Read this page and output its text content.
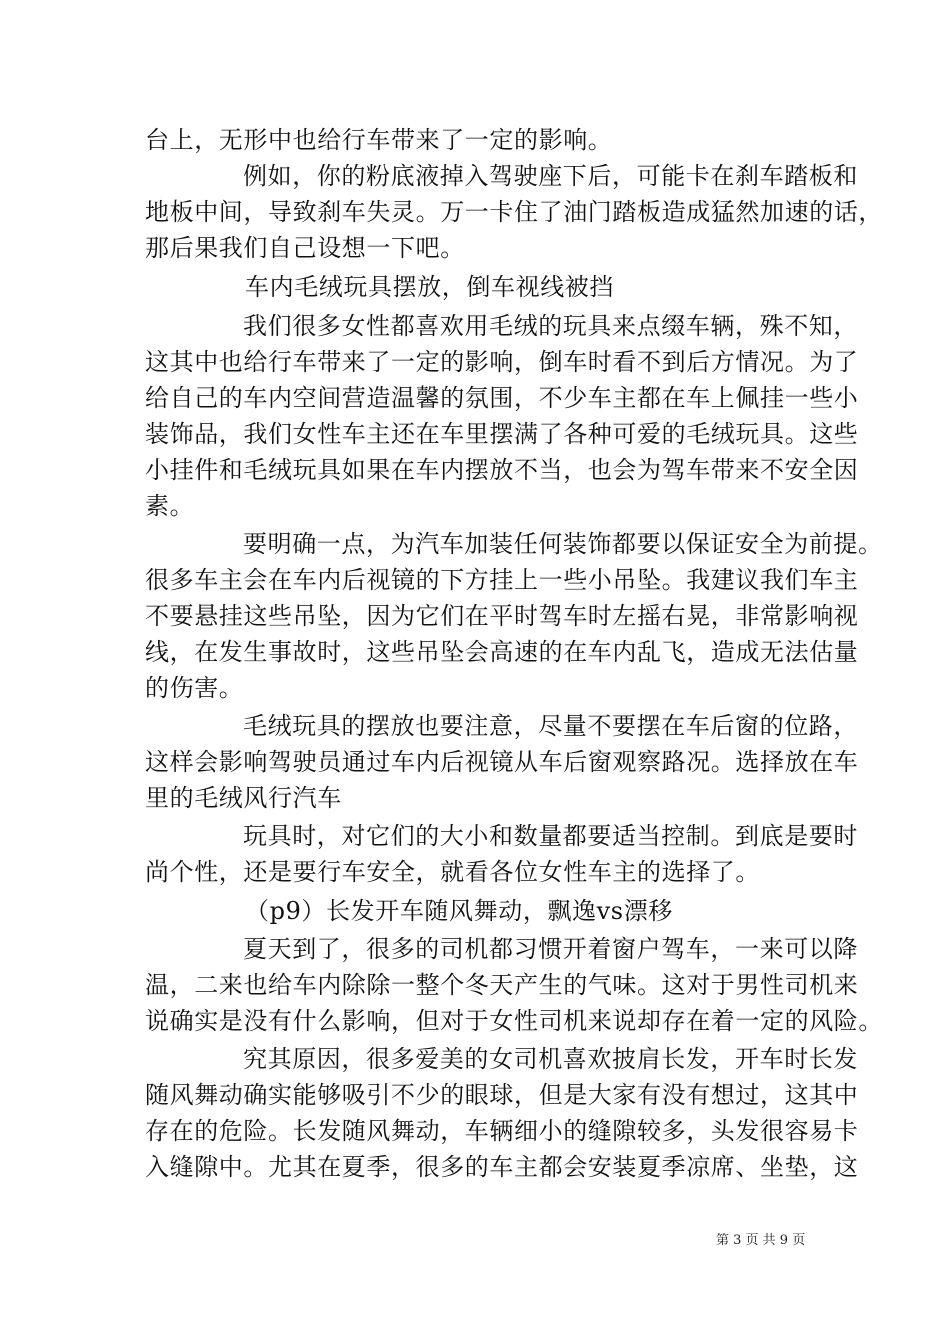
台上，无形中也给行车带来了一定的影响。
例如，你的粉底液掉入驾驶座下后，可能卡在刹车踏板和
地板中间，导致刹车失灵。万一卡住了油门踏板造成猛然加速的话，
那后果我们自己设想一下吧。
车内毛绒玩具摆放，倒车视线被挡
我们很多女性都喜欢用毛绒的玩具来点缀车辆，殊不知，
这其中也给行车带来了一定的影响，倒车时看不到后方情况。为了
给自己的车内空间营造温馨的氛围，不少车主都在车上佩挂一些小
装饰品，我们女性车主还在车里摆满了各种可爱的毛绒玩具。这些
小挂件和毛绒玩具如果在车内摆放不当，也会为驾车带来不安全因
素。
要明确一点，为汽车加装任何装饰都要以保证安全为前提。
很多车主会在车内后视镜的下方挂上一些小吊坠。我建议我们车主
不要悬挂这些吊坠，因为它们在平时驾车时左摇右晃，非常影响视
线，在发生事故时，这些吊坠会高速的在车内乱飞，造成无法估量
的伤害。
毛绒玩具的摆放也要注意，尽量不要摆在车后窗的位路，
这样会影响驾驶员通过车内后视镜从车后窗观察路况。选择放在车
里的毛绒风行汽车
玩具时，对它们的大小和数量都要适当控制。到底是要时
尚个性，还是要行车安全，就看各位女性车主的选择了。
（p9）长发开车随风舞动，飘逸vs漂移
夏天到了，很多的司机都习惯开着窗户驾车，一来可以降
温，二来也给车内除除一整个冬天产生的气味。这对于男性司机来
说确实是没有什么影响，但对于女性司机来说却存在着一定的风险。
究其原因，很多爱美的女司机喜欢披肩长发，开车时长发
随风舞动确实能够吸引不少的眼球，但是大家有没有想过，这其中
存在的危险。长发随风舞动，车辆细小的缝隙较多，头发很容易卡
入缝隙中。尤其在夏季，很多的车主都会安装夏季凉席、坐垫，这
第 3 页 共 9 页
